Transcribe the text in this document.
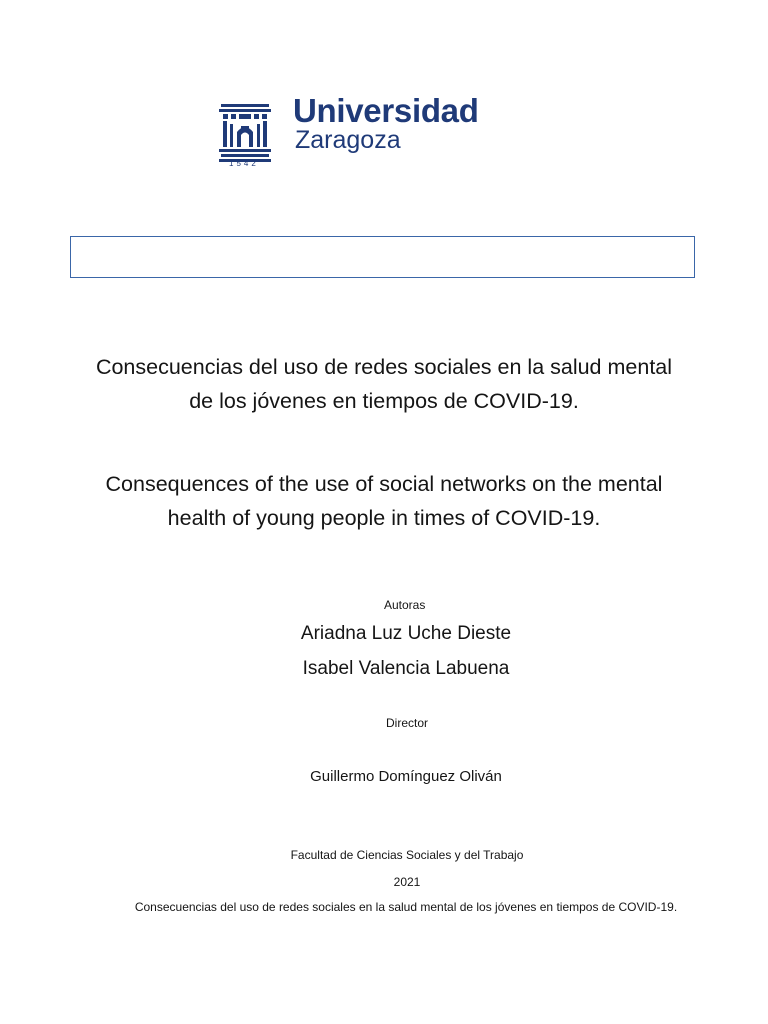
1542
Universidad
Zaragoza
Consecuencias del uso de redes sociales en la salud mental
de los jóvenes en tiempos de COVID-19.
Consequences of the use of social networks on the mental
health of young people in times of COVID-19.
Autoras
Ariadna Luz Uche Dieste
Isabel Valencia Labuena
Director
Guillermo Domínguez Oliván
Facultad de Ciencias Sociales y del Trabajo
2021
Consecuencias del uso de redes sociales en la salud mental de los jóvenes en tiempos de COVID-19.
